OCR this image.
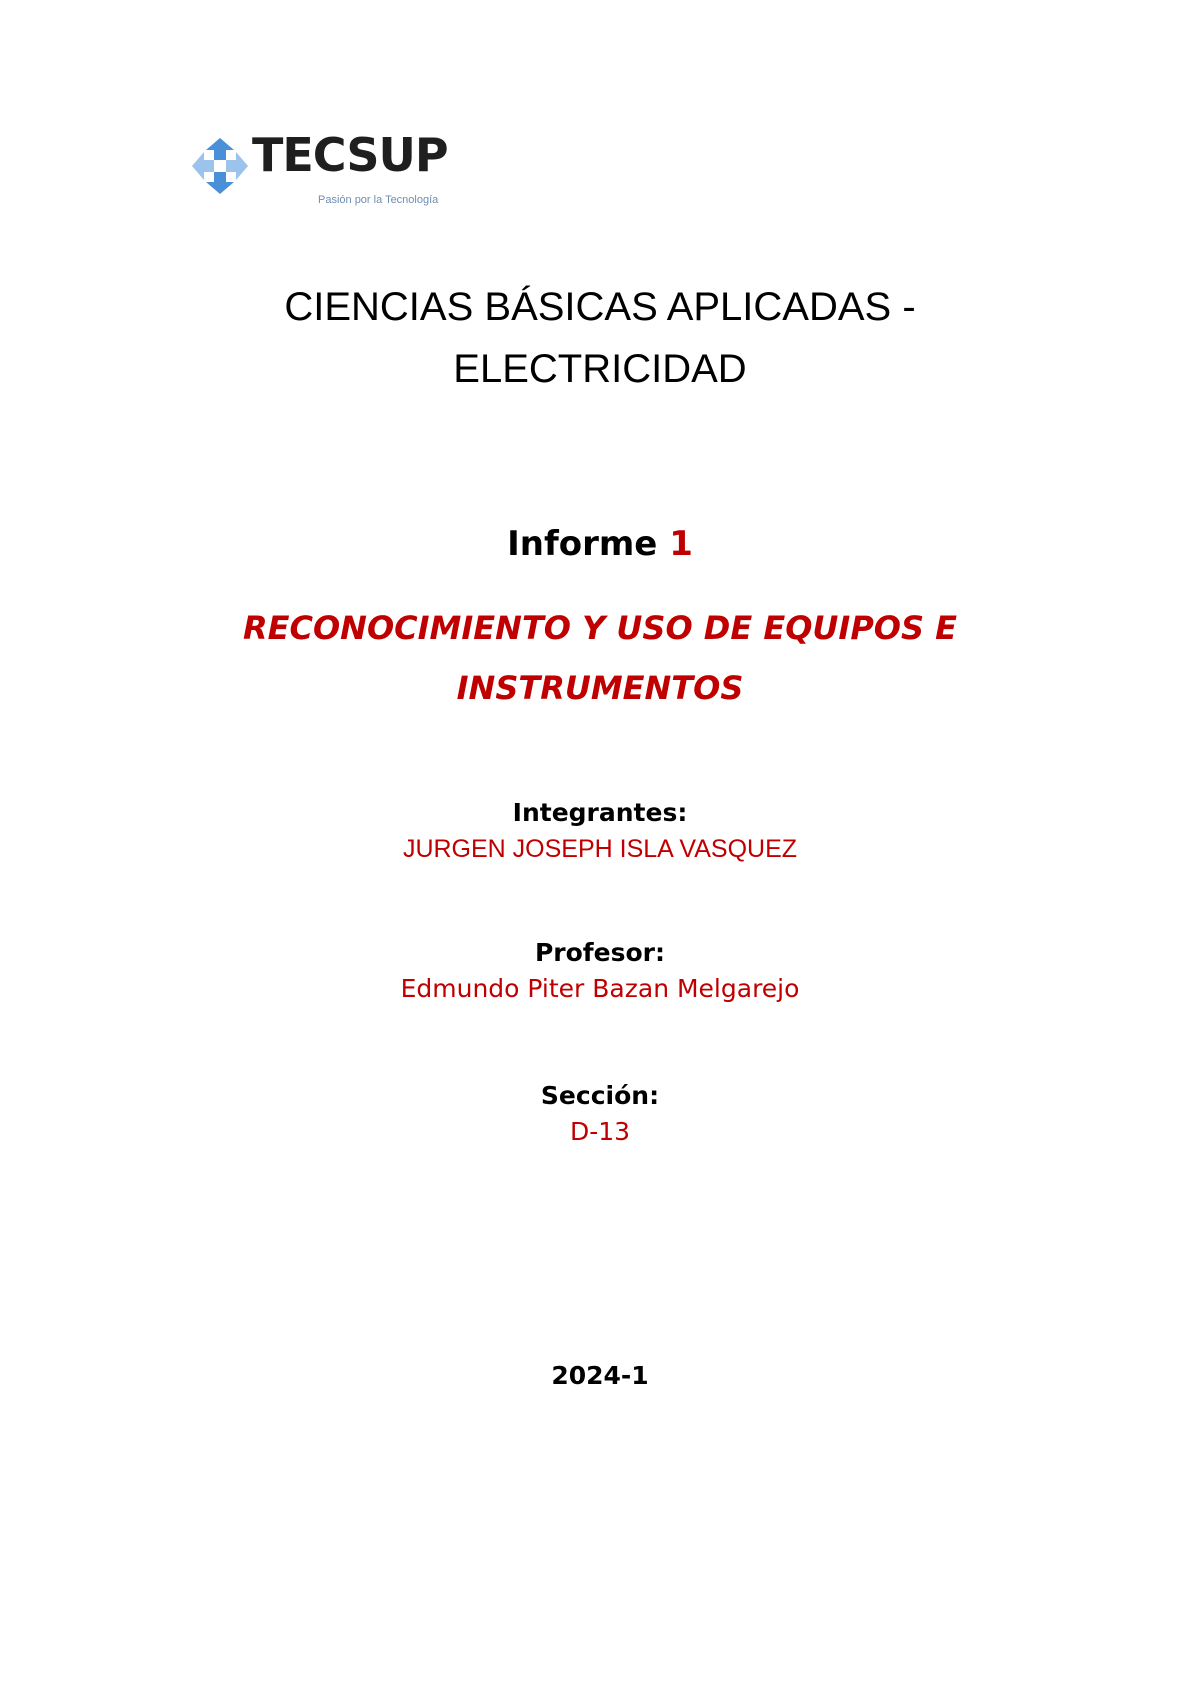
TECSUP
Pasión por la Tecnología
CIENCIAS BÁSICAS APLICADAS -
ELECTRICIDAD
Informe 1
RECONOCIMIENTO Y USO DE EQUIPOS E
INSTRUMENTOS
Integrantes:
JURGEN JOSEPH ISLA VASQUEZ
Profesor:
Edmundo Piter Bazan Melgarejo
Sección:
D-13
2024-1
